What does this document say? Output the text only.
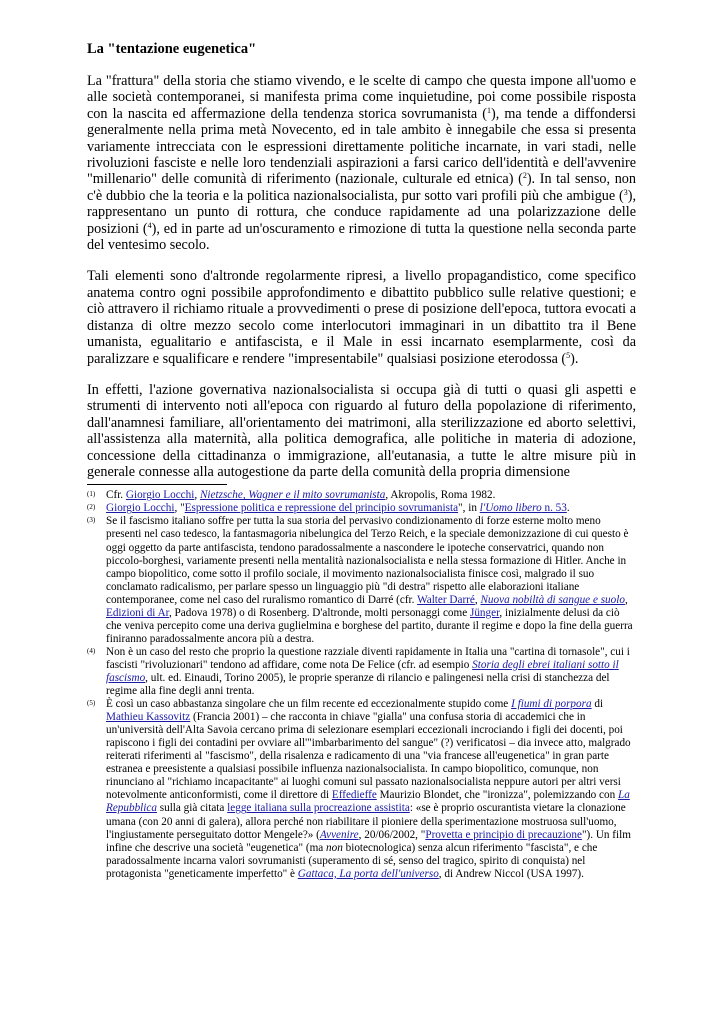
La "tentazione eugenetica"

La "frattura" della storia che stiamo vivendo, e le scelte di campo che questa impone all'uomo e alle società contemporanei, si manifesta prima come inquietudine, poi come possibile risposta con la nascita ed affermazione della tendenza storica sovrumanista ($^1$), ma tende a diffondersi generalmente nella prima metà Novecento, ed in tale ambito è innegabile che essa si presenta variamente intrecciata con le espressioni direttamente politiche incarnate, in vari stadi, nelle rivoluzioni fasciste e nelle loro tendenziali aspirazioni a farsi carico dell'identità e dell'avvenire "millenario" delle comunità di riferimento (nazionale, culturale ed etnica) ($^2$). In tal senso, non c'è dubbio che la teoria e la politica nazionalsocialista, pur sotto vari profili più che ambigue ($^3$), rappresentano un punto di rottura, che conduce rapidamente ad una polarizzazione delle posizioni ($^4$), ed in parte ad un'oscuramento e rimozione di tutta la questione nella seconda parte del ventesimo secolo.

Tali elementi sono d'altronde regolarmente ripresi, a livello propagandistico, come specifico anatema contro ogni possibile approfondimento e dibattito pubblico sulle relative questioni; e ciò attravero il richiamo rituale a provvedimenti o prese di posizione dell'epoca, tuttora evocati a distanza di oltre mezzo secolo come interlocutori immaginari in un dibattito tra il Bene umanista, egualitario e antifascista, e il Male in essi incarnato esemplarmente, così da paralizzare e squalificare e rendere "impresentabile" qualsiasi posizione eterodossa ($^5$).

In effetti, l'azione governativa nazionalsocialista si occupa già di tutti o quasi gli aspetti e strumenti di intervento noti all'epoca con riguardo al futuro della popolazione di riferimento, dall'anamnesi familiare, all'orientamento dei matrimoni, alla sterilizzazione ed aborto selettivi, all'assistenza alla maternità, alla politica demografica, alle politiche in materia di adozione, concessione della cittadinanza o immigrazione, all'eutanasia, a tutte le altre misure più in generale connesse alla autogestione da parte della comunità della propria dimensione

(1) Cfr. Giorgio Locchi, Nietzsche, Wagner e il mito sovrumanista, Akropolis, Roma 1982.
(2) Giorgio Locchi, "Espressione politica e repressione del principio sovrumanista", in l'Uomo libero n. 53.
(3) Se il fascismo italiano soffre per tutta la sua storia del pervasivo condizionamento di forze esterne molto meno presenti nel caso tedesco, la fantasmagoria nibelungica del Terzo Reich, e la speciale demonizzazione di cui questo è oggi oggetto da parte antifascista, tendono paradossalmente a nascondere le ipoteche conservatrici, quando non piccolo-borghesi, variamente presenti nella mentalità nazionalsocialista e nella stessa formazione di Hitler. Anche in campo biopolitico, come sotto il profilo sociale, il movimento nazionalsocialista finisce così, malgrado il suo conclamato radicalismo, per parlare spesso un linguaggio più "di destra" rispetto alle elaborazioni italiane contemporanee, come nel caso del ruralismo romantico di Darré (cfr. Walter Darré, Nuova nobiltà di sangue e suolo, Edizioni di Ar, Padova 1978) o di Rosenberg. D'altronde, molti personaggi come Jünger, inizialmente delusi da ciò che veniva percepito come una deriva guglielmina e borghese del partito, durante il regime e dopo la fine della guerra finiranno paradossalmente ancora più a destra.
(4) Non è un caso del resto che proprio la questione razziale diventi rapidamente in Italia una "cartina di tornasole", cui i fascisti "rivoluzionari" tendono ad affidare, come nota De Felice (cfr. ad esempio Storia degli ebrei italiani sotto il fascismo, ult. ed. Einaudi, Torino 2005), le proprie speranze di rilancio e palingenesi nella crisi di stanchezza del regime alla fine degli anni trenta.
(5) È così un caso abbastanza singolare che un film recente ed eccezionalmente stupido come I fiumi di porpora di Mathieu Kassovitz (Francia 2001) – che racconta in chiave "gialla" una confusa storia di accademici che in un'università dell'Alta Savoia cercano prima di selezionare esemplari eccezionali incrociando i figli dei docenti, poi rapiscono i figli dei contadini per ovviare all'"imbarbarimento del sangue" (?) verificatosi – dia invece atto, malgrado reiterati riferimenti al "fascismo", della risalenza e radicamento di una "via francese all'eugenetica" in gran parte estranea e preesistente a qualsiasi possibile influenza nazionalsocialista. In campo biopolitico, comunque, non rinunciano al "richiamo incapacitante" ai luoghi comuni sul passato nazionalsocialista neppure autori per altri versi notevolmente anticonformisti, come il direttore di Effedieffe Maurizio Blondet, che "ironizza", polemizzando con La Repubblica sulla già citata legge italiana sulla procreazione assistita: «se è proprio oscurantista vietare la clonazione umana (con 20 anni di galera), allora perché non riabilitare il pioniere della sperimentazione mostruosa sull'uomo, l'ingiustamente perseguitato dottor Mengele?» (Avvenire, 20/06/2002, "Provetta e principio di precauzione"). Un film infine che descrive una società "eugenetica" (ma non biotecnologica) senza alcun riferimento "fascista", e che paradossalmente incarna valori sovrumanisti (superamento di sé, senso del tragico, spirito di conquista) nel protagonista "geneticamente imperfetto" è Gattaca, La porta dell'universo, di Andrew Niccol (USA 1997).
